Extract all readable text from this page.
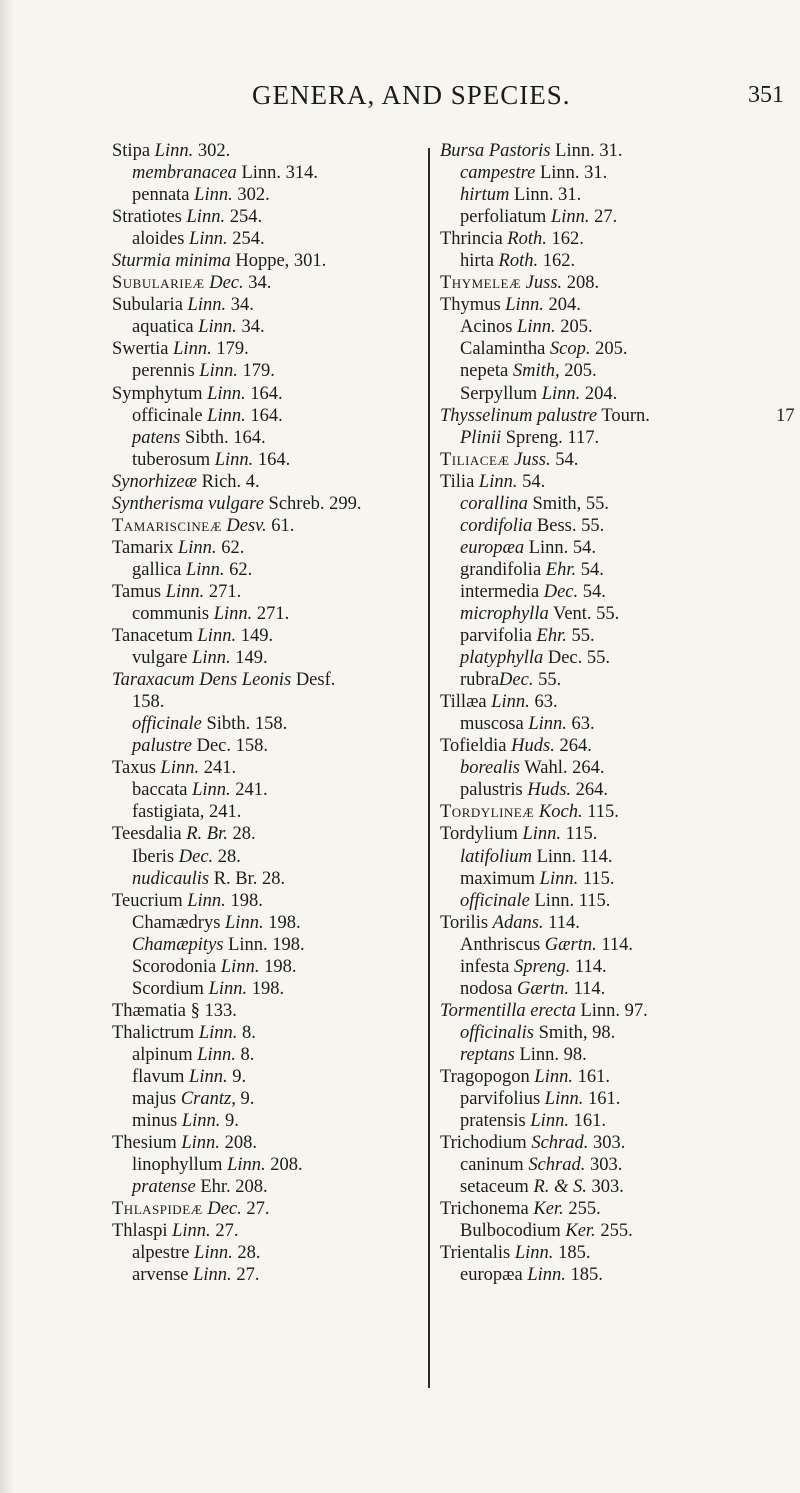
GENERA, AND SPECIES.	351
Stipa Linn. 302.
membranacea Linn. 314.
pennata Linn. 302.
Stratiotes Linn. 254.
aloides Linn. 254.
Sturmia minima Hoppe, 301.
Subularieæ Dec. 34.
Subularia Linn. 34.
aquatica Linn. 34.
Swertia Linn. 179.
perennis Linn. 179.
Symphytum Linn. 164.
officinale Linn. 164.
patens Sibth. 164.
tuberosum Linn. 164.
Synorhizeæ Rich. 4.
Syntherisma vulgare Schreb. 299.
Tamariscineæ Desv. 61.
Tamarix Linn. 62.
gallica Linn. 62.
Tamus Linn. 271.
communis Linn. 271.
Tanacetum Linn. 149.
vulgare Linn. 149.
Taraxacum Dens Leonis Desf.
158.
officinale Sibth. 158.
palustre Dec. 158.
Taxus Linn. 241.
baccata Linn. 241.
fastigiata, 241.
Teesdalia R. Br. 28.
Iberis Dec. 28.
nudicaulis R. Br. 28.
Teucrium Linn. 198.
Chamædrys Linn. 198.
Chamæpitys Linn. 198.
Scorodonia Linn. 198.
Scordium Linn. 198.
Thæmatia § 133.
Thalictrum Linn. 8.
alpinum Linn. 8.
flavum Linn. 9.
majus Crantz, 9.
minus Linn. 9.
Thesium Linn. 208.
linophyllum Linn. 208.
pratense Ehr. 208.
Thlaspideæ Dec. 27.
Thlaspi Linn. 27.
alpestre Linn. 28.
arvense Linn. 27.
Bursa Pastoris Linn. 31.
campestre Linn. 31.
hirtum Linn. 31.
perfoliatum Linn. 27.
Thrincia Roth. 162.
hirta Roth. 162.
Thymeleæ Juss. 208.
Thymus Linn. 204.
Acinos Linn. 205.
Calamintha Scop. 205.
nepeta Smith, 205.
Serpyllum Linn. 204.
Thysselinum palustre Tourn.	17
Plinii Spreng. 117.
Tiliaceæ Juss. 54.
Tilia Linn. 54.
corallina Smith, 55.
cordifolia Bess. 55.
europæa Linn. 54.
grandifolia Ehr. 54.
intermedia Dec. 54.
microphylla Vent. 55.
parvifolia Ehr. 55.
platyphylla Dec. 55.
rubraDec. 55.
Tillæa Linn. 63.
muscosa Linn. 63.
Tofieldia Huds. 264.
borealis Wahl. 264.
palustris Huds. 264.
Tordylineæ Koch. 115.
Tordylium Linn. 115.
latifolium Linn. 114.
maximum Linn. 115.
officinale Linn. 115.
Torilis Adans. 114.
Anthriscus Gærtn. 114.
infesta Spreng. 114.
nodosa Gærtn. 114.
Tormentilla erecta Linn. 97.
officinalis Smith, 98.
reptans Linn. 98.
Tragopogon Linn. 161.
parvifolius Linn. 161.
pratensis Linn. 161.
Trichodium Schrad. 303.
caninum Schrad. 303.
setaceum R. & S. 303.
Trichonema Ker. 255.
Bulbocodium Ker. 255.
Trientalis Linn. 185.
europæa Linn. 185.
